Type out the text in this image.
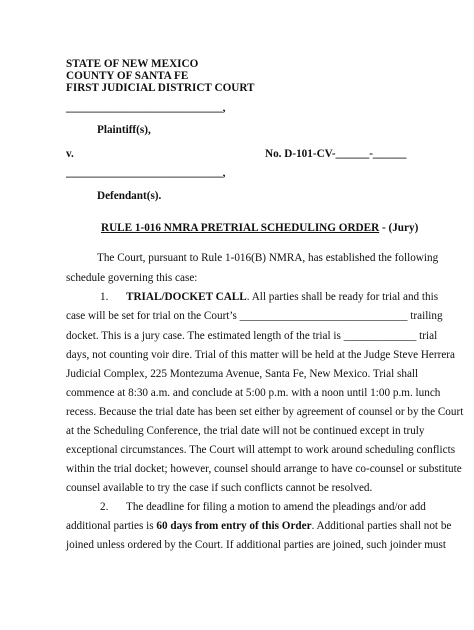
STATE OF NEW MEXICO
COUNTY OF SANTA FE
FIRST JUDICIAL DISTRICT COURT
____________________________,
Plaintiff(s),
v.	No. D-101-CV-______-______
____________________________,
Defendant(s).
RULE 1-016 NMRA PRETRIAL SCHEDULING ORDER - (Jury)
The Court, pursuant to Rule 1-016(B) NMRA, has established the following
schedule governing this case:
1. TRIAL/DOCKET CALL. All parties shall be ready for trial and this
case will be set for trial on the Court’s ______________________________ trailing
docket. This is a jury case. The estimated length of the trial is _____________ trial
days, not counting voir dire. Trial of this matter will be held at the Judge Steve Herrera
Judicial Complex, 225 Montezuma Avenue, Santa Fe, New Mexico. Trial shall
commence at 8:30 a.m. and conclude at 5:00 p.m. with a noon until 1:00 p.m. lunch
recess. Because the trial date has been set either by agreement of counsel or by the Court
at the Scheduling Conference, the trial date will not be continued except in truly
exceptional circumstances. The Court will attempt to work around scheduling conflicts
within the trial docket; however, counsel should arrange to have co-counsel or substitute
counsel available to try the case if such conflicts cannot be resolved.
2. The deadline for filing a motion to amend the pleadings and/or add
additional parties is 60 days from entry of this Order. Additional parties shall not be
joined unless ordered by the Court. If additional parties are joined, such joinder must
